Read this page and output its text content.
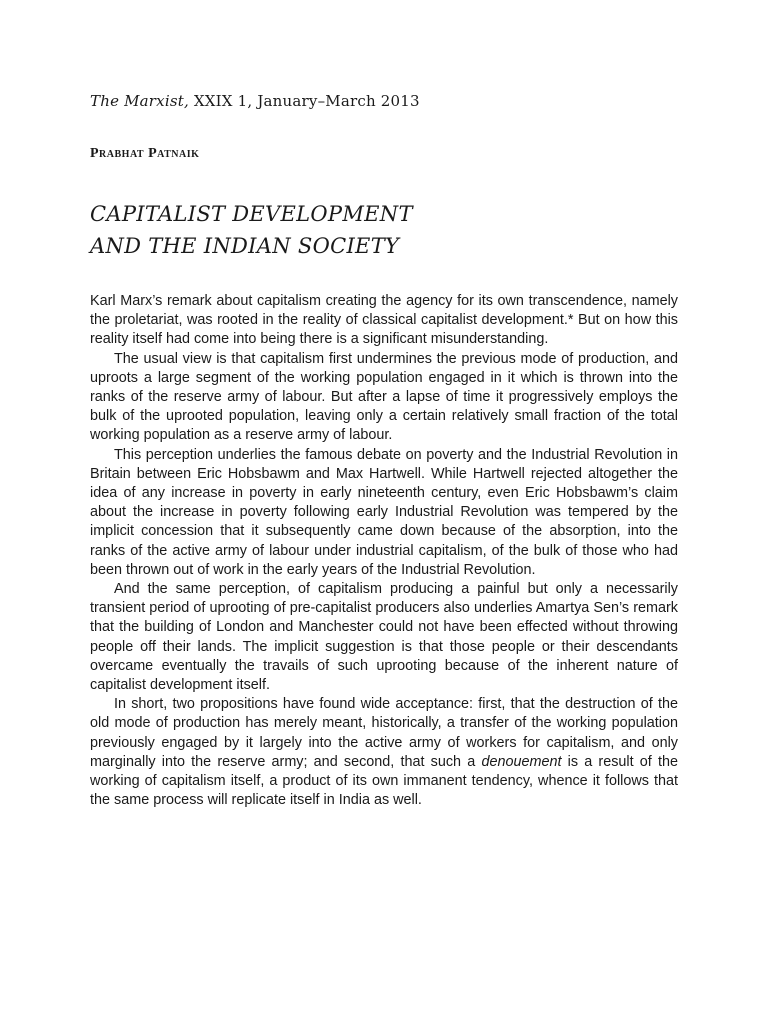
The Marxist, XXIX 1, January–March 2013
Prabhat Patnaik
CAPITALIST DEVELOPMENT
AND THE INDIAN SOCIETY

Karl Marx’s remark about capitalism creating the agency for its own transcendence, namely the proletariat, was rooted in the reality of classical capitalist development.* But on how this reality itself had come into being there is a significant misunderstanding.

The usual view is that capitalism first undermines the previous mode of production, and uproots a large segment of the working population engaged in it which is thrown into the ranks of the reserve army of labour. But after a lapse of time it progressively employs the bulk of the uprooted population, leaving only a certain relatively small fraction of the total working population as a reserve army of labour.

This perception underlies the famous debate on poverty and the Industrial Revolution in Britain between Eric Hobsbawm and Max Hartwell. While Hartwell rejected altogether the idea of any increase in poverty in early nineteenth century, even Eric Hobsbawm’s claim about the increase in poverty following early Industrial Revolution was tempered by the implicit concession that it subsequently came down because of the absorption, into the ranks of the active army of labour under industrial capitalism, of the bulk of those who had been thrown out of work in the early years of the Industrial Revolution.

And the same perception, of capitalism producing a painful but only a necessarily transient period of uprooting of pre-capitalist producers also underlies Amartya Sen’s remark that the building of London and Manchester could not have been effected without throwing people off their lands. The implicit suggestion is that those people or their descendants overcame eventually the travails of such uprooting because of the inherent nature of capitalist development itself.

In short, two propositions have found wide acceptance: first, that the destruction of the old mode of production has merely meant, historically, a transfer of the working population previously engaged by it largely into the active army of workers for capitalism, and only marginally into the reserve army; and second, that such a denouement is a result of the working of capitalism itself, a product of its own immanent tendency, whence it follows that the same process will replicate itself in India as well.
